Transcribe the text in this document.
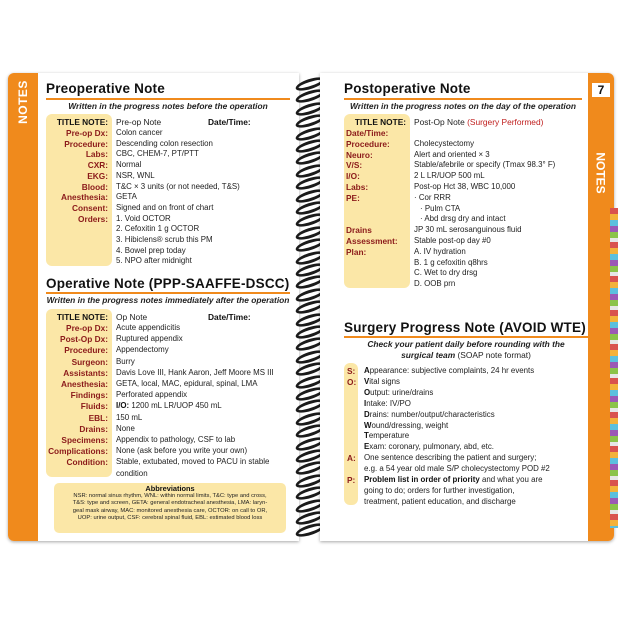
NOTES Preoperative Note
Written in the progress notes before the operation
TITLE NOTE: Pre-op Note	Date/Time:
Pre-op Dx: Colon cancer
Procedure: Descending colon resection
Labs: CBC, CHEM-7, PT/PTT
CXR: Normal
EKG: NSR, WNL
Blood: T&C × 3 units (or not needed, T&S)
Anesthesia: GETA
Consent: Signed and on front of chart
Orders: 1. Void OCTOR
2. Cefoxitin 1 g OCTOR
3. Hibiclens® scrub this PM
4. Bowel prep today
5. NPO after midnight
Operative Note (PPP-SAAFFE-DSCC)
Written in the progress notes immediately after the operation
TITLE NOTE: Op Note	Date/Time:
Pre-op Dx: Acute appendicitis
Post-Op Dx: Ruptured appendix
Procedure: Appendectomy
Surgeon: Burry
Assistants: Davis Love III, Hank Aaron, Jeff Moore MS III
Anesthesia: GETA, local, MAC, epidural, spinal, LMA
Findings: Perforated appendix
Fluids: I/O: 1200 mL LR/UOP 450 mL
EBL: 150 mL
Drains: None
Specimens: Appendix to pathology, CSF to lab
Complications: None (ask before you write your own)
Condition: Stable, extubated, moved to PACU in stable
condition
Abbreviations
NSR: normal sinus rhythm, WNL: within normal limits, T&C: type and cross,
T&S: type and screen, GETA: general endotracheal anesthesia, LMA: laryn-
geal mask airway, MAC: monitored anesthesia care, OCTOR: on call to OR,
UOP: urine output, CSF: cerebral spinal fluid, EBL: estimated blood loss
7
NOTES
Postoperative Note
Written in the progress notes on the day of the operation
TITLE NOTE: Post-Op Note (Surgery Performed)
Date/Time:
Procedure:	Cholecystectomy
Neuro:	Alert and oriented × 3
V/S:	Stable/afebrile or specify (Tmax 98.3° F)
I/O:	2 L LR/UOP 500 mL
Labs:	Post-op Hct 38, WBC 10,000
PE:	· Cor RRR
· Pulm CTA
· Abd drsg dry and intact
Drains	JP 30 mL serosanguinous fluid
Assessment:	Stable post-op day #0
Plan:	A. IV hydration
B. 1 g cefoxitin q8hrs
C. Wet to dry drsg
D. OOB prn
Surgery Progress Note (AVOID WTE)
Check your patient daily before rounding with the
surgical team (SOAP note format)
S: Appearance: subjective complaints, 24 hr events
O: Vital signs
Output: urine/drains
Intake: IV/PO
Drains: number/output/characteristics
Wound/dressing, weight
Temperature
Exam: coronary, pulmonary, abd, etc.
A: One sentence describing the patient and surgery;
e.g. a 54 year old male S/P cholecystectomy POD #2
P: Problem list in order of priority and what you are
going to do; orders for further investigation,
treatment, patient education, and discharge
